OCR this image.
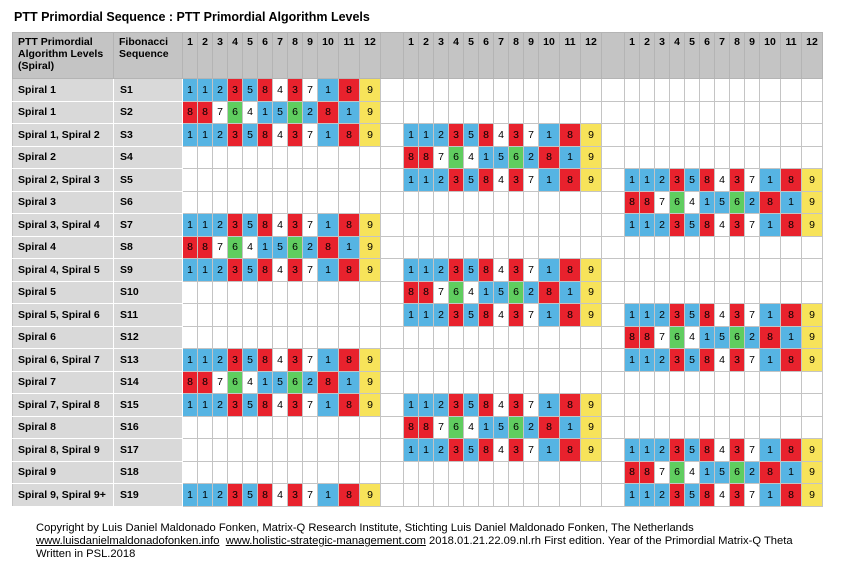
PTT Primordial Sequence : PTT Primordial Algorithm Levels
PTT Primordial Algorithm Levels (Spiral)	Fibonacci Sequence	1	2	3	4	5	6	7	8	9	10	11	12		1	2	3	4	5	6	7	8	9	10	11	12		1	2	3	4	5	6	7	8	9	10	11	12
Spiral 1	S1	1	1	2	3	5	8	4	3	7	1	8	9																										
Spiral 1	S2	8	8	7	6	4	1	5	6	2	8	1	9																										
Spiral 1, Spiral 2	S3	1	1	2	3	5	8	4	3	7	1	8	9		1	1	2	3	5	8	4	3	7	1	8	9													
Spiral 2	S4														8	8	7	6	4	1	5	6	2	8	1	9													
Spiral 2, Spiral 3	S5														1	1	2	3	5	8	4	3	7	1	8	9		1	1	2	3	5	8	4	3	7	1	8	9
Spiral 3	S6																											8	8	7	6	4	1	5	6	2	8	1	9
Spiral 3, Spiral 4	S7	1	1	2	3	5	8	4	3	7	1	8	9															1	1	2	3	5	8	4	3	7	1	8	9
Spiral 4	S8	8	8	7	6	4	1	5	6	2	8	1	9																										
Spiral 4, Spiral 5	S9	1	1	2	3	5	8	4	3	7	1	8	9		1	1	2	3	5	8	4	3	7	1	8	9													
Spiral 5	S10														8	8	7	6	4	1	5	6	2	8	1	9													
Spiral 5, Spiral 6	S11														1	1	2	3	5	8	4	3	7	1	8	9		1	1	2	3	5	8	4	3	7	1	8	9
Spiral 6	S12																											8	8	7	6	4	1	5	6	2	8	1	9
Spiral 6, Spiral 7	S13	1	1	2	3	5	8	4	3	7	1	8	9															1	1	2	3	5	8	4	3	7	1	8	9
Spiral 7	S14	8	8	7	6	4	1	5	6	2	8	1	9																										
Spiral 7, Spiral 8	S15	1	1	2	3	5	8	4	3	7	1	8	9		1	1	2	3	5	8	4	3	7	1	8	9													
Spiral 8	S16														8	8	7	6	4	1	5	6	2	8	1	9													
Spiral 8, Spiral 9	S17														1	1	2	3	5	8	4	3	7	1	8	9		1	1	2	3	5	8	4	3	7	1	8	9
Spiral 9	S18																											8	8	7	6	4	1	5	6	2	8	1	9
Spiral 9, Spiral 9+	S19	1	1	2	3	5	8	4	3	7	1	8	9															1	1	2	3	5	8	4	3	7	1	8	9
Copyright by Luis Daniel Maldonado Fonken, Matrix-Q Research Institute, Stichting Luis Daniel Maldonado Fonken, The Netherlands
www.luisdanielmaldonadofonken.info www.holistic-strategic-management.com 2018.01.21.22.09.nl.rh First edition. Year of the Primordial Matrix-Q Theta Written in PSL.2018
